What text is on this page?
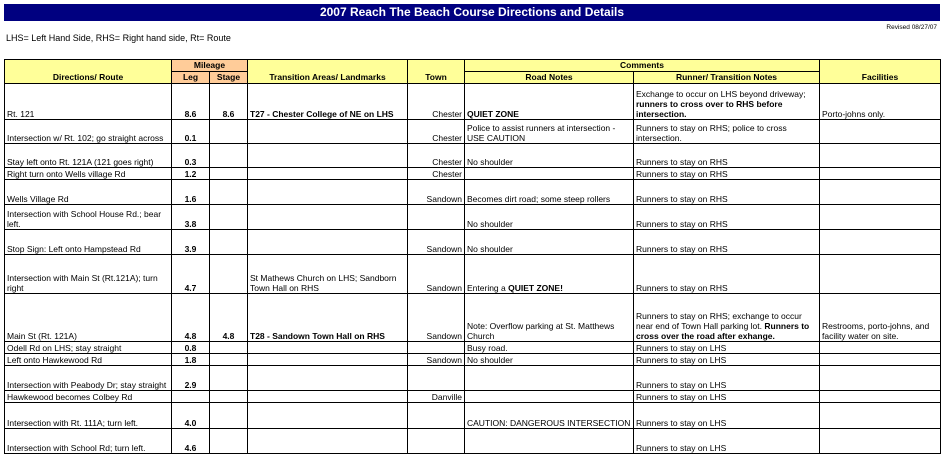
2007 Reach The Beach Course Directions and Details
Revised 08/27/07
LHS= Left Hand Side, RHS= Right hand side, Rt= Route
Directions/ Route	Mileage		Transition Areas/ Landmarks	Town	Comments		Facilities
	Leg	Stage			Road Notes	Runner/ Transition Notes	
Rt. 121	8.6	8.6	T27 - Chester College of NE on LHS	Chester	QUIET ZONE	Exchange to occur on LHS beyond driveway; runners to cross over to RHS before intersection.	Porto-johns only.
Intersection w/ Rt. 102; go straight across	0.1			Chester	Police to assist runners at intersection - USE CAUTION	Runners to stay on RHS; police to cross intersection.	
Stay left onto Rt. 121A (121 goes right)	0.3			Chester	No shoulder	Runners to stay on RHS	
Right turn onto Wells village Rd	1.2			Chester		Runners to stay on RHS	
Wells Village Rd	1.6			Sandown	Becomes dirt road; some steep rollers	Runners to stay on RHS	
Intersection with School House Rd.; bear left.	3.8				No shoulder	Runners to stay on RHS	
Stop Sign: Left onto Hampstead Rd	3.9			Sandown	No shoulder	Runners to stay on RHS	
Intersection with Main St (Rt.121A); turn right	4.7		St Mathews Church on LHS; Sandborn Town Hall on RHS	Sandown	Entering a QUIET ZONE!	Runners to stay on RHS	
Main St (Rt. 121A)	4.8	4.8	T28 - Sandown Town Hall on RHS	Sandown	Note: Overflow parking at St. Matthews Church	Runners to stay on RHS; exchange to occur near end of Town Hall parking lot. Runners to cross over the road after exhange.	Restrooms, porto-johns, and facility water on site.
Odell Rd on LHS; stay straight	0.8				Busy road.	Runners to stay on LHS	
Left onto Hawkewood Rd	1.8			Sandown	No shoulder	Runners to stay on LHS	
Intersection with Peabody Dr; stay straight	2.9					Runners to stay on LHS	
Hawkewood becomes Colbey Rd				Danville		Runners to stay on LHS	
Intersection with Rt. 111A; turn left.	4.0				CAUTION: DANGEROUS INTERSECTION	Runners to stay on LHS	
Intersection with School Rd; turn left.	4.6					Runners to stay on LHS	
